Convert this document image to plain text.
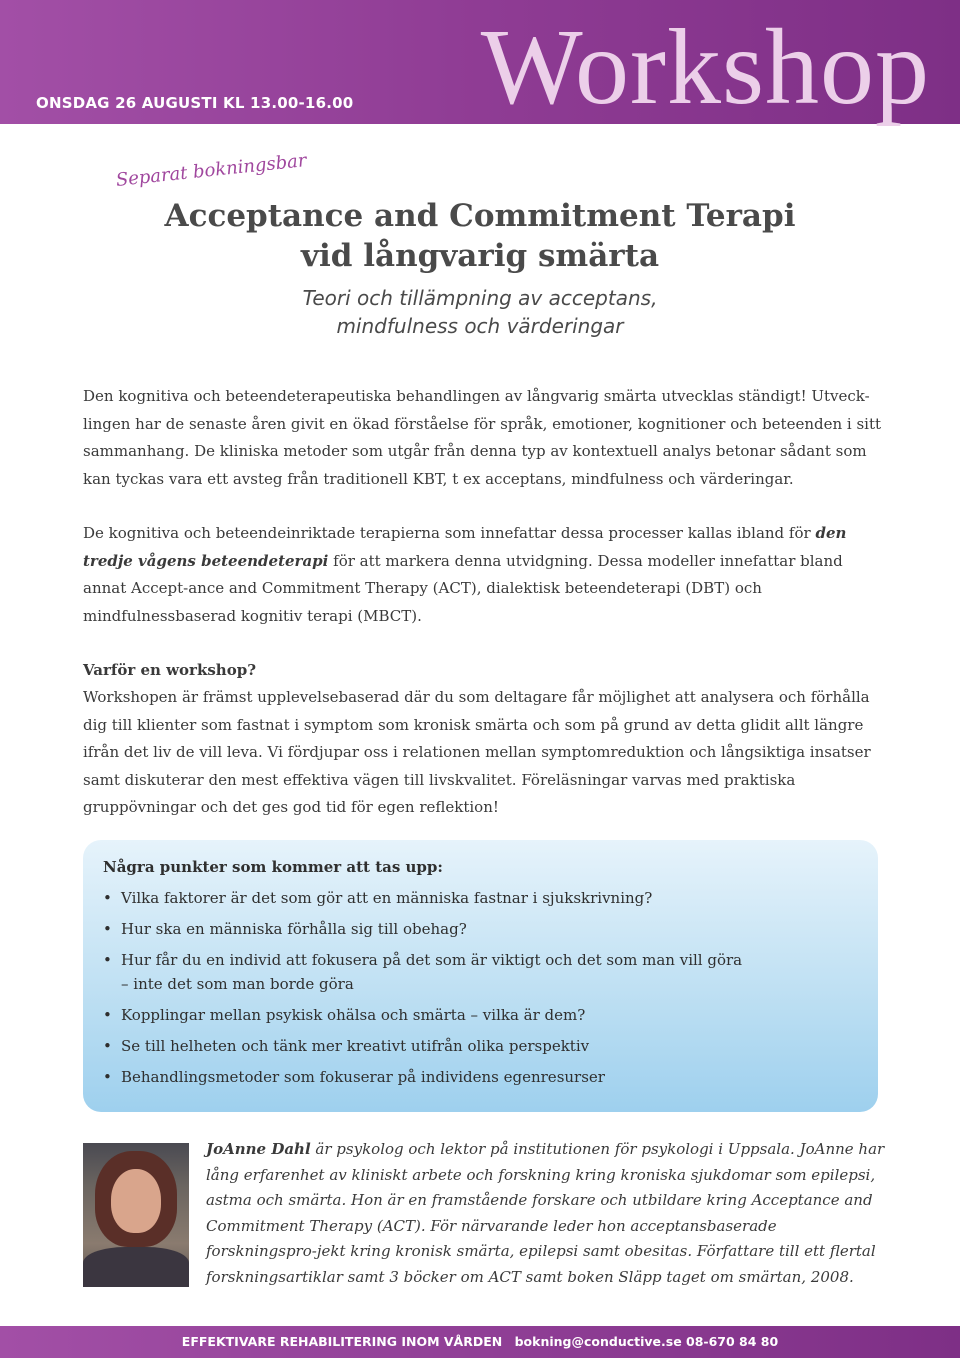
ONSDAG 26 AUGUSTI KL 13.00-16.00 Workshop
Separat bokningsbar
Acceptance and Commitment Terapi
vid långvarig smärta
Teori och tillämpning av acceptans,
mindfulness och värderingar

Den kognitiva och beteendeterapeutiska behandlingen av långvarig smärta utvecklas ständigt! Utveck-lingen har de senaste åren givit en ökad förståelse för språk, emotioner, kognitioner och beteenden i sitt sammanhang. De kliniska metoder som utgår från denna typ av kontextuell analys betonar sådant som kan tyckas vara ett avsteg från traditionell KBT, t ex acceptans, mindfulness och värderingar.

De kognitiva och beteendeinriktade terapierna som innefattar dessa processer kallas ibland för den tredje vågens beteendeterapi för att markera denna utvidgning. Dessa modeller innefattar bland annat Accept-ance and Commitment Therapy (ACT), dialektisk beteendeterapi (DBT) och mindfulnessbaserad kognitiv terapi (MBCT).

Varför en workshop?

Workshopen är främst upplevelsebaserad där du som deltagare får möjlighet att analysera och förhålla dig till klienter som fastnat i symptom som kronisk smärta och som på grund av detta glidit allt längre ifrån det liv de vill leva. Vi fördjupar oss i relationen mellan symptomreduktion och långsiktiga insatser samt diskuterar den mest effektiva vägen till livskvalitet. Föreläsningar varvas med praktiska gruppövningar och det ges god tid för egen reflektion!

Några punkter som kommer att tas upp:
• Vilka faktorer är det som gör att en människa fastnar i sjukskrivning?
• Hur ska en människa förhålla sig till obehag?
• Hur får du en individ att fokusera på det som är viktigt och det som man vill göra
– inte det som man borde göra
• Kopplingar mellan psykisk ohälsa och smärta – vilka är dem?
• Se till helheten och tänk mer kreativt utifrån olika perspektiv
• Behandlingsmetoder som fokuserar på individens egenresurser

JoAnne Dahl är psykolog och lektor på institutionen för psykologi i Uppsala. JoAnne har lång erfarenhet av kliniskt arbete och forskning kring kroniska sjukdomar som epilepsi, astma och smärta. Hon är en framstående forskare och utbildare kring Acceptance and Commitment Therapy (ACT). För närvarande leder hon acceptansbaserade forskningspro-jekt kring kronisk smärta, epilepsi samt obesitas. Författare till ett flertal forskningsartiklar samt 3 böcker om ACT samt boken Släpp taget om smärtan, 2008.

EFFEKTIVARE REHABILITERING INOM VÅRDEN bokning@conductive.se 08-670 84 80
